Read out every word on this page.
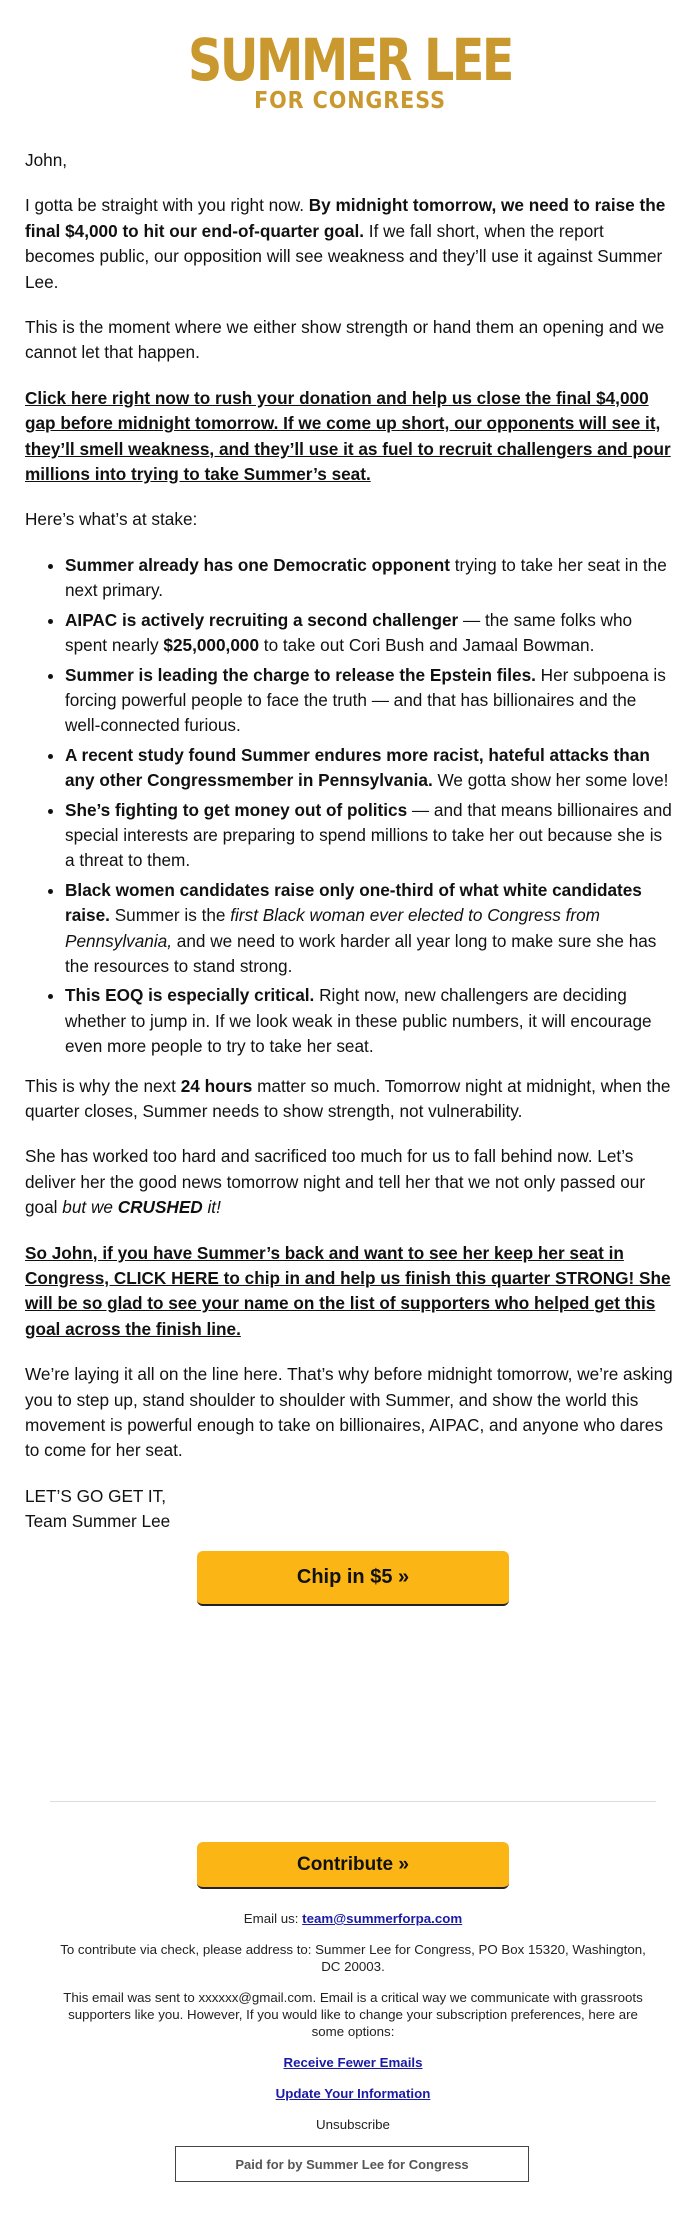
SUMMER LEE
FOR CONGRESS

John,

I gotta be straight with you right now. By midnight tomorrow, we need to raise the final $4,000 to hit our end-of-quarter goal. If we fall short, when the report becomes public, our opposition will see weakness and they’ll use it against Summer Lee.

This is the moment where we either show strength or hand them an opening and we cannot let that happen.

Click here right now to rush your donation and help us close the final $4,000 gap before midnight tomorrow. If we come up short, our opponents will see it, they’ll smell weakness, and they’ll use it as fuel to recruit challengers and pour millions into trying to take Summer’s seat.

Here’s what’s at stake:

• Summer already has one Democratic opponent trying to take her seat in the next primary.
• AIPAC is actively recruiting a second challenger — the same folks who spent nearly $25,000,000 to take out Cori Bush and Jamaal Bowman.
• Summer is leading the charge to release the Epstein files. Her subpoena is forcing powerful people to face the truth — and that has billionaires and the well-connected furious.
• A recent study found Summer endures more racist, hateful attacks than any other Congressmember in Pennsylvania. We gotta show her some love!
• She’s fighting to get money out of politics — and that means billionaires and special interests are preparing to spend millions to take her out because she is a threat to them.
• Black women candidates raise only one-third of what white candidates raise. Summer is the first Black woman ever elected to Congress from Pennsylvania, and we need to work harder all year long to make sure she has the resources to stand strong.
• This EOQ is especially critical. Right now, new challengers are deciding whether to jump in. If we look weak in these public numbers, it will encourage even more people to try to take her seat.

This is why the next 24 hours matter so much. Tomorrow night at midnight, when the quarter closes, Summer needs to show strength, not vulnerability.

She has worked too hard and sacrificed too much for us to fall behind now. Let’s deliver her the good news tomorrow night and tell her that we not only passed our goal but we CRUSHED it!

So John, if you have Summer’s back and want to see her keep her seat in Congress, CLICK HERE to chip in and help us finish this quarter STRONG! She will be so glad to see your name on the list of supporters who helped get this goal across the finish line.

We’re laying it all on the line here. That’s why before midnight tomorrow, we’re asking you to step up, stand shoulder to shoulder with Summer, and show the world this movement is powerful enough to take on billionaires, AIPAC, and anyone who dares to come for her seat.

LET’S GO GET IT,
Team Summer Lee

Chip in $5 »
Contribute »

Email us: team@summerforpa.com

To contribute via check, please address to: Summer Lee for Congress, PO Box 15320, Washington, DC 20003.

This email was sent to xxxxxx@gmail.com. Email is a critical way we communicate with grassroots supporters like you. However, If you would like to change your subscription preferences, here are some options:

Receive Fewer Emails

Update Your Information

Unsubscribe

Paid for by Summer Lee for Congress
